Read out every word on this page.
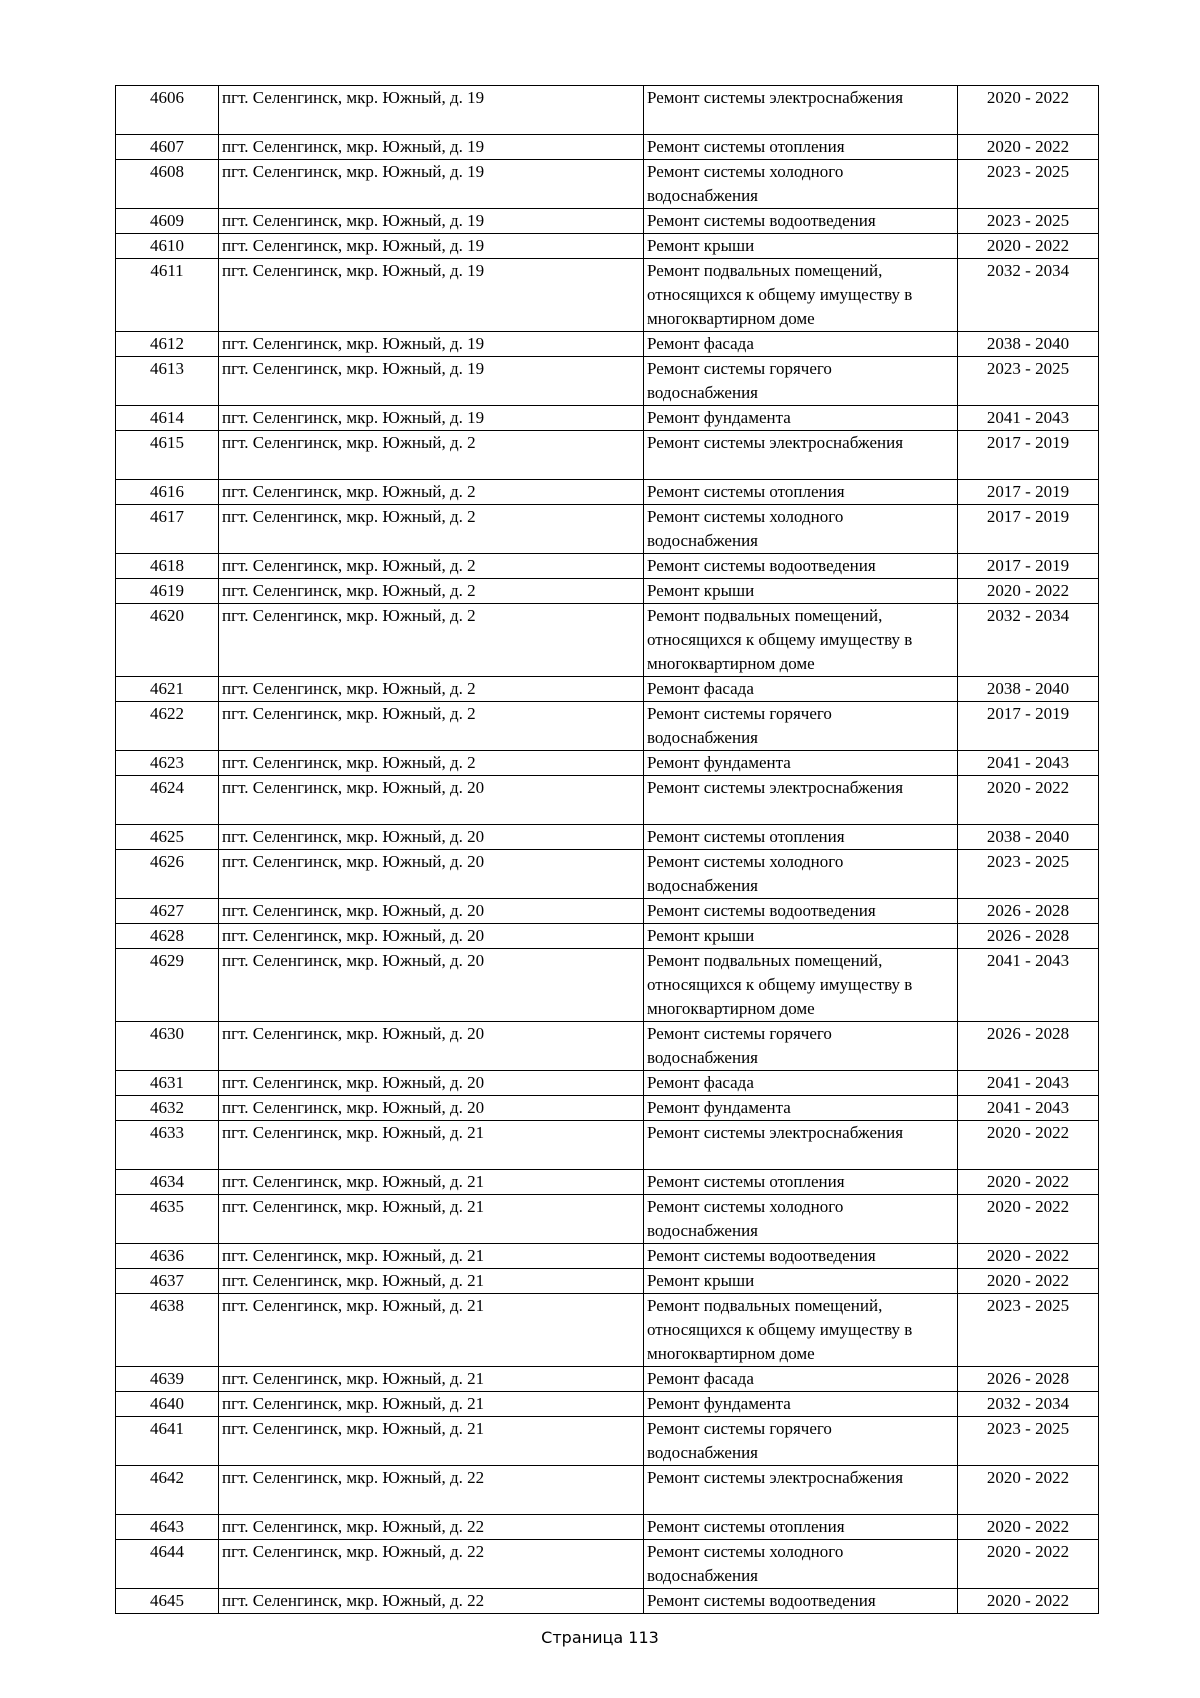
4606	пгт. Селенгинск, мкр. Южный, д. 19	Ремонт системы электроснабжения	2020 - 2022
4607	пгт. Селенгинск, мкр. Южный, д. 19	Ремонт системы отопления	2020 - 2022
4608	пгт. Селенгинск, мкр. Южный, д. 19	Ремонт системы холодного водоснабжения	2023 - 2025
4609	пгт. Селенгинск, мкр. Южный, д. 19	Ремонт системы водоотведения	2023 - 2025
4610	пгт. Селенгинск, мкр. Южный, д. 19	Ремонт крыши	2020 - 2022
4611	пгт. Селенгинск, мкр. Южный, д. 19	Ремонт подвальных помещений, относящихся к общему имуществу в многоквартирном доме	2032 - 2034
4612	пгт. Селенгинск, мкр. Южный, д. 19	Ремонт фасада	2038 - 2040
4613	пгт. Селенгинск, мкр. Южный, д. 19	Ремонт системы горячего водоснабжения	2023 - 2025
4614	пгт. Селенгинск, мкр. Южный, д. 19	Ремонт фундамента	2041 - 2043
4615	пгт. Селенгинск, мкр. Южный, д. 2	Ремонт системы электроснабжения	2017 - 2019
4616	пгт. Селенгинск, мкр. Южный, д. 2	Ремонт системы отопления	2017 - 2019
4617	пгт. Селенгинск, мкр. Южный, д. 2	Ремонт системы холодного водоснабжения	2017 - 2019
4618	пгт. Селенгинск, мкр. Южный, д. 2	Ремонт системы водоотведения	2017 - 2019
4619	пгт. Селенгинск, мкр. Южный, д. 2	Ремонт крыши	2020 - 2022
4620	пгт. Селенгинск, мкр. Южный, д. 2	Ремонт подвальных помещений, относящихся к общему имуществу в многоквартирном доме	2032 - 2034
4621	пгт. Селенгинск, мкр. Южный, д. 2	Ремонт фасада	2038 - 2040
4622	пгт. Селенгинск, мкр. Южный, д. 2	Ремонт системы горячего водоснабжения	2017 - 2019
4623	пгт. Селенгинск, мкр. Южный, д. 2	Ремонт фундамента	2041 - 2043
4624	пгт. Селенгинск, мкр. Южный, д. 20	Ремонт системы электроснабжения	2020 - 2022
4625	пгт. Селенгинск, мкр. Южный, д. 20	Ремонт системы отопления	2038 - 2040
4626	пгт. Селенгинск, мкр. Южный, д. 20	Ремонт системы холодного водоснабжения	2023 - 2025
4627	пгт. Селенгинск, мкр. Южный, д. 20	Ремонт системы водоотведения	2026 - 2028
4628	пгт. Селенгинск, мкр. Южный, д. 20	Ремонт крыши	2026 - 2028
4629	пгт. Селенгинск, мкр. Южный, д. 20	Ремонт подвальных помещений, относящихся к общему имуществу в многоквартирном доме	2041 - 2043
4630	пгт. Селенгинск, мкр. Южный, д. 20	Ремонт системы горячего водоснабжения	2026 - 2028
4631	пгт. Селенгинск, мкр. Южный, д. 20	Ремонт фасада	2041 - 2043
4632	пгт. Селенгинск, мкр. Южный, д. 20	Ремонт фундамента	2041 - 2043
4633	пгт. Селенгинск, мкр. Южный, д. 21	Ремонт системы электроснабжения	2020 - 2022
4634	пгт. Селенгинск, мкр. Южный, д. 21	Ремонт системы отопления	2020 - 2022
4635	пгт. Селенгинск, мкр. Южный, д. 21	Ремонт системы холодного водоснабжения	2020 - 2022
4636	пгт. Селенгинск, мкр. Южный, д. 21	Ремонт системы водоотведения	2020 - 2022
4637	пгт. Селенгинск, мкр. Южный, д. 21	Ремонт крыши	2020 - 2022
4638	пгт. Селенгинск, мкр. Южный, д. 21	Ремонт подвальных помещений, относящихся к общему имуществу в многоквартирном доме	2023 - 2025
4639	пгт. Селенгинск, мкр. Южный, д. 21	Ремонт фасада	2026 - 2028
4640	пгт. Селенгинск, мкр. Южный, д. 21	Ремонт фундамента	2032 - 2034
4641	пгт. Селенгинск, мкр. Южный, д. 21	Ремонт системы горячего водоснабжения	2023 - 2025
4642	пгт. Селенгинск, мкр. Южный, д. 22	Ремонт системы электроснабжения	2020 - 2022
4643	пгт. Селенгинск, мкр. Южный, д. 22	Ремонт системы отопления	2020 - 2022
4644	пгт. Селенгинск, мкр. Южный, д. 22	Ремонт системы холодного водоснабжения	2020 - 2022
4645	пгт. Селенгинск, мкр. Южный, д. 22	Ремонт системы водоотведения	2020 - 2022
Страница 113
